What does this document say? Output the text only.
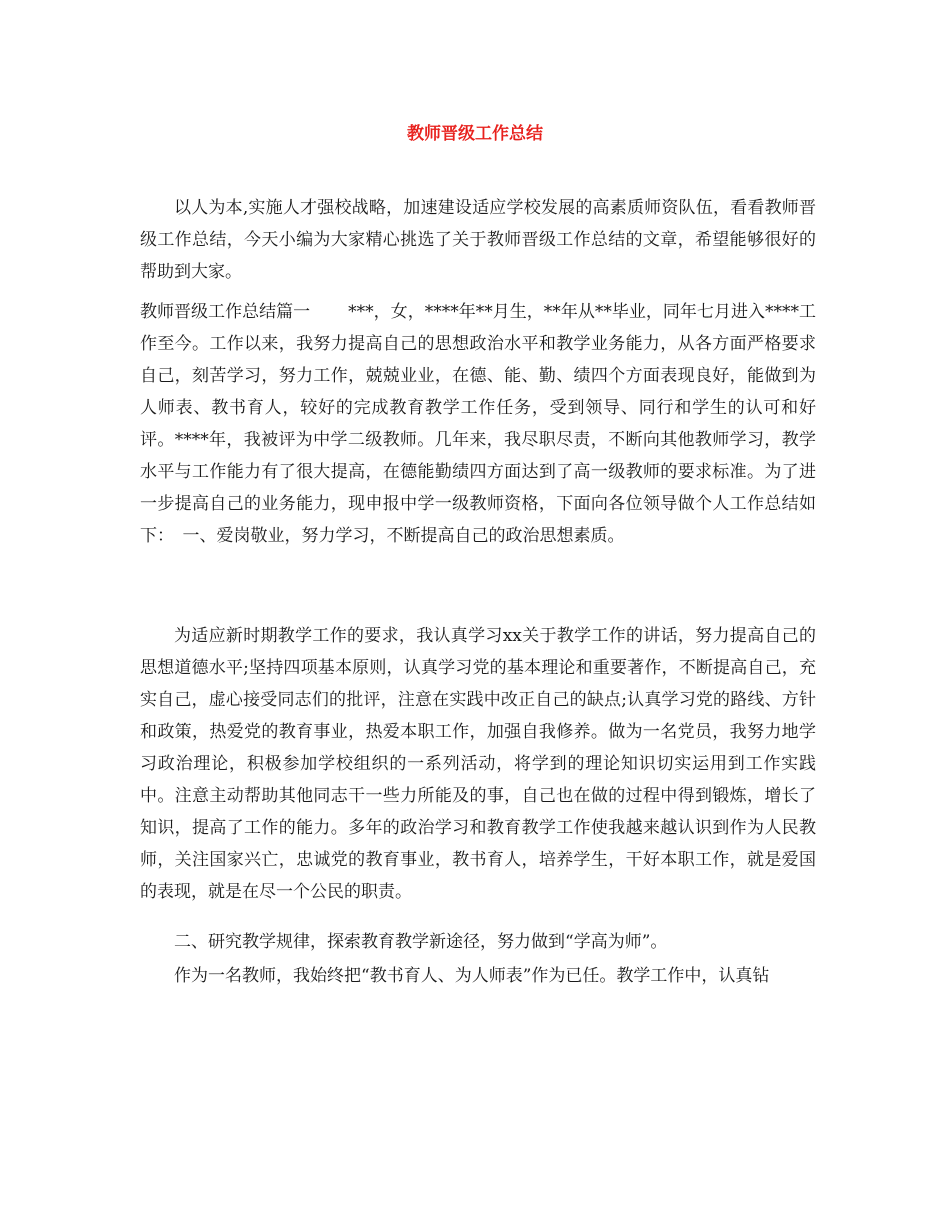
教师晋级工作总结

以人为本,实施人才强校战略，加速建设适应学校发展的高素质师资队伍，看看教师晋级工作总结，今天小编为大家精心挑选了关于教师晋级工作总结的文章，希望能够很好的帮助到大家。

教师晋级工作总结篇一 ***，女，****年**月生，**年从**毕业，同年七月进入****工作至今。工作以来，我努力提高自己的思想政治水平和教学业务能力，从各方面严格要求自己，刻苦学习，努力工作，兢兢业业，在德、能、勤、绩四个方面表现良好，能做到为人师表、教书育人，较好的完成教育教学工作任务，受到领导、同行和学生的认可和好评。****年，我被评为中学二级教师。几年来，我尽职尽责，不断向其他教师学习，教学水平与工作能力有了很大提高，在德能勤绩四方面达到了高一级教师的要求标准。为了进一步提高自己的业务能力，现申报中学一级教师资格，下面向各位领导做个人工作总结如下：　一、爱岗敬业，努力学习，不断提高自己的政治思想素质。

为适应新时期教学工作的要求，我认真学习xx关于教学工作的讲话，努力提高自己的思想道德水平;坚持四项基本原则，认真学习党的基本理论和重要著作，不断提高自己，充实自己，虚心接受同志们的批评，注意在实践中改正自己的缺点;认真学习党的路线、方针和政策，热爱党的教育事业，热爱本职工作，加强自我修养。做为一名党员，我努力地学习政治理论，积极参加学校组织的一系列活动，将学到的理论知识切实运用到工作实践中。注意主动帮助其他同志干一些力所能及的事，自己也在做的过程中得到锻炼，增长了知识，提高了工作的能力。多年的政治学习和教育教学工作使我越来越认识到作为人民教师，关注国家兴亡，忠诚党的教育事业，教书育人，培养学生，干好本职工作，就是爱国的表现，就是在尽一个公民的职责。

二、研究教学规律，探索教育教学新途径，努力做到“学高为师”。

作为一名教师，我始终把“教书育人、为人师表”作为已任。教学工作中，认真钻
